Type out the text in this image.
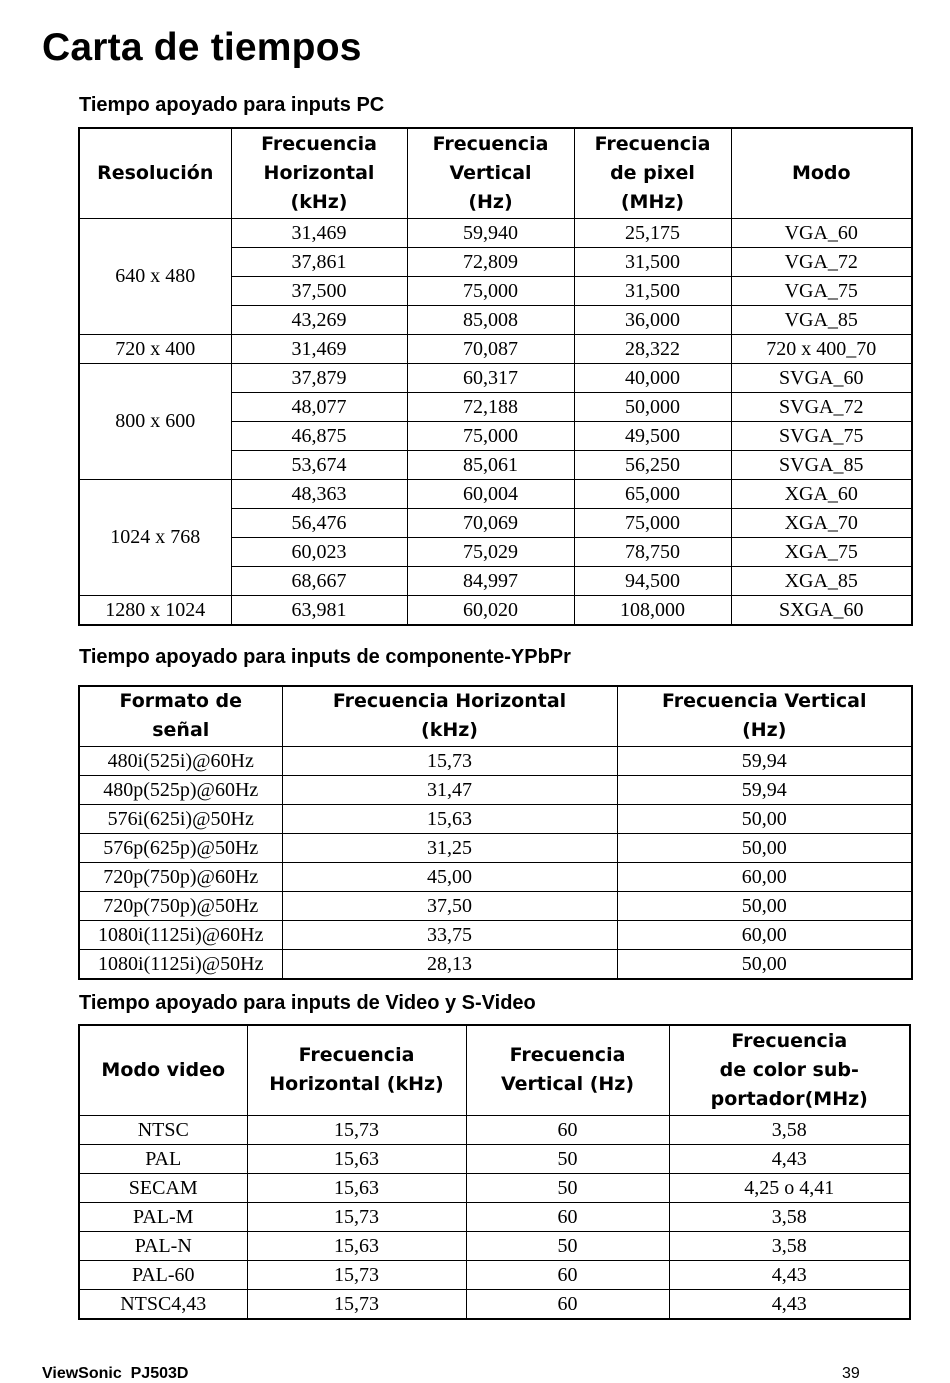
Carta de tiempos
Tiempo apoyado para inputs PC
Resolución	Frecuencia
Horizontal
(kHz)	Frecuencia
Vertical
(Hz)	Frecuencia
de pixel
(MHz)	Modo
640 x 480	31,469	59,940	25,175	VGA_60
	37,861	72,809	31,500	VGA_72
	37,500	75,000	31,500	VGA_75
	43,269	85,008	36,000	VGA_85
720 x 400	31,469	70,087	28,322	720 x 400_70
800 x 600	37,879	60,317	40,000	SVGA_60
	48,077	72,188	50,000	SVGA_72
	46,875	75,000	49,500	SVGA_75
	53,674	85,061	56,250	SVGA_85
1024 x 768	48,363	60,004	65,000	XGA_60
	56,476	70,069	75,000	XGA_70
	60,023	75,029	78,750	XGA_75
	68,667	84,997	94,500	XGA_85
1280 x 1024	63,981	60,020	108,000	SXGA_60
Tiempo apoyado para inputs de componente-YPbPr
Formato de
señal	Frecuencia Horizontal
(kHz)	Frecuencia Vertical
(Hz)
480i(525i)@60Hz	15,73	59,94
480p(525p)@60Hz	31,47	59,94
576i(625i)@50Hz	15,63	50,00
576p(625p)@50Hz	31,25	50,00
720p(750p)@60Hz	45,00	60,00
720p(750p)@50Hz	37,50	50,00
1080i(1125i)@60Hz	33,75	60,00
1080i(1125i)@50Hz	28,13	50,00
Tiempo apoyado para inputs de Video y S-Video
Modo video	Frecuencia
Horizontal (kHz)	Frecuencia
Vertical (Hz)	Frecuencia
de color sub-
portador(MHz)
NTSC	15,73	60	3,58
PAL	15,63	50	4,43
SECAM	15,63	50	4,25 o 4,41
PAL-M	15,73	60	3,58
PAL-N	15,63	50	3,58
PAL-60	15,73	60	4,43
NTSC4,43	15,73	60	4,43
ViewSonic  PJ503D	39
